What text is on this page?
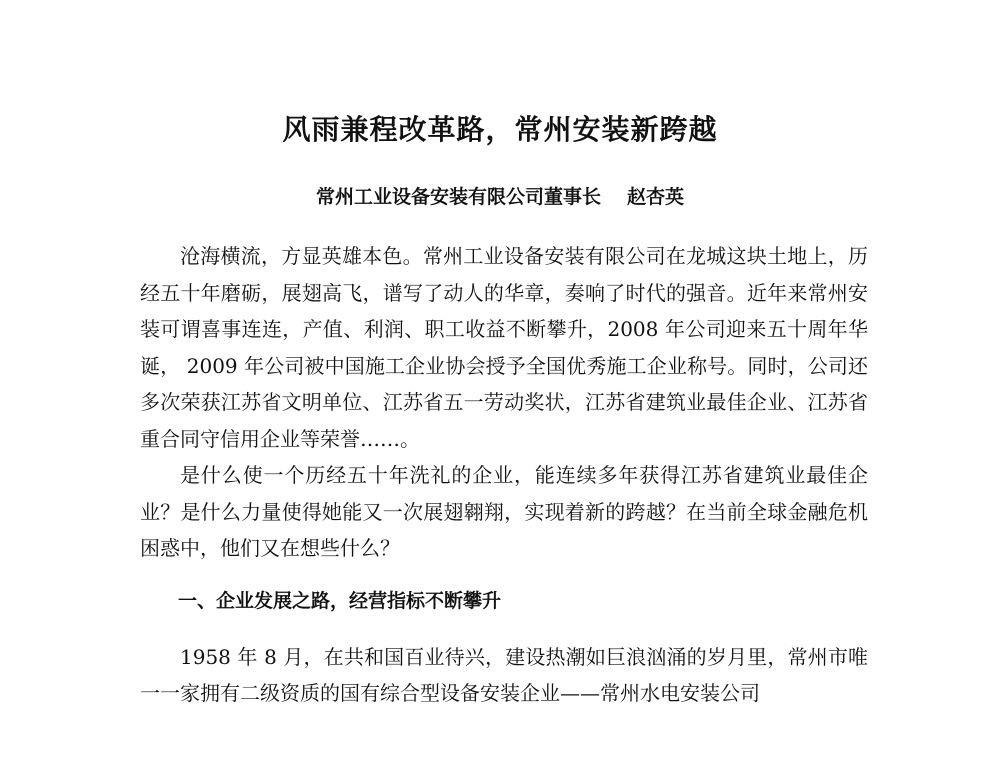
风雨兼程改革路，常州安装新跨越
常州工业设备安装有限公司董事长 赵杏英

沧海横流，方显英雄本色。常州工业设备安装有限公司在龙城这块土地上，历经五十年磨砺，展翅高飞，谱写了动人的华章，奏响了时代的强音。近年来常州安装可谓喜事连连，产值、利润、职工收益不断攀升，2008 年公司迎来五十周年华诞， 2009 年公司被中国施工企业协会授予全国优秀施工企业称号。同时，公司还多次荣获江苏省文明单位、江苏省五一劳动奖状，江苏省建筑业最佳企业、江苏省重合同守信用企业等荣誉……。

是什么使一个历经五十年洗礼的企业，能连续多年获得江苏省建筑业最佳企业？是什么力量使得她能又一次展翅翱翔，实现着新的跨越？在当前全球金融危机困惑中，他们又在想些什么？

一、企业发展之路，经营指标不断攀升

1958 年 8 月，在共和国百业待兴，建设热潮如巨浪汹涌的岁月里，常州市唯一一家拥有二级资质的国有综合型设备安装企业——常州水电安装公司
